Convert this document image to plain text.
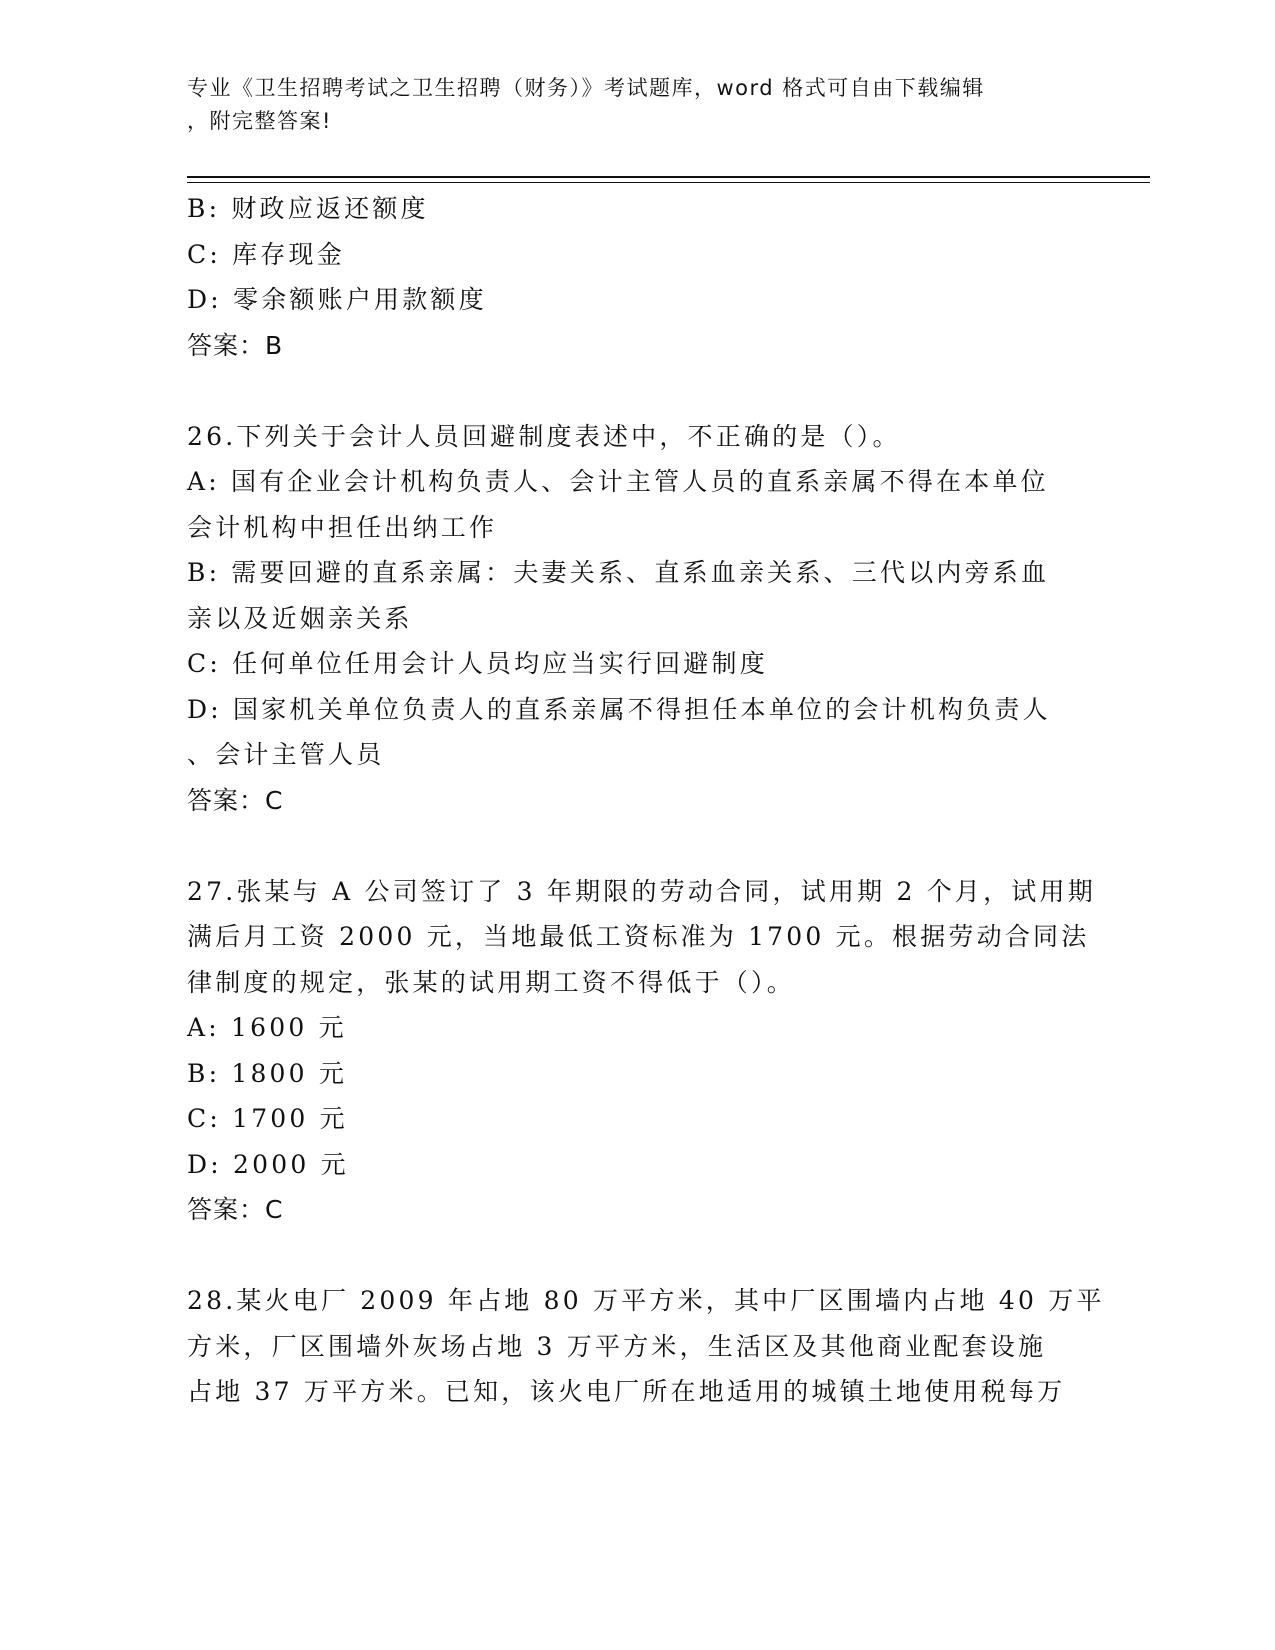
专业《卫生招聘考试之卫生招聘（财务）》考试题库，word 格式可自由下载编辑
，附完整答案!
B: 财政应返还额度
C: 库存现金
D: 零余额账户用款额度
答案：B
26.下列关于会计人员回避制度表述中，不正确的是（）。
A: 国有企业会计机构负责人、会计主管人员的直系亲属不得在本单位
会计机构中担任出纳工作
B: 需要回避的直系亲属：夫妻关系、直系血亲关系、三代以内旁系血
亲以及近姻亲关系
C: 任何单位任用会计人员均应当实行回避制度
D: 国家机关单位负责人的直系亲属不得担任本单位的会计机构负责人
、会计主管人员
答案：C
27.张某与 A 公司签订了 3 年期限的劳动合同，试用期 2 个月，试用期
满后月工资 2000 元，当地最低工资标准为 1700 元。根据劳动合同法
律制度的规定，张某的试用期工资不得低于（）。
A: 1600 元
B: 1800 元
C: 1700 元
D: 2000 元
答案：C
28.某火电厂 2009 年占地 80 万平方米，其中厂区围墙内占地 40 万平
方米，厂区围墙外灰场占地 3 万平方米，生活区及其他商业配套设施
占地 37 万平方米。已知，该火电厂所在地适用的城镇土地使用税每万
